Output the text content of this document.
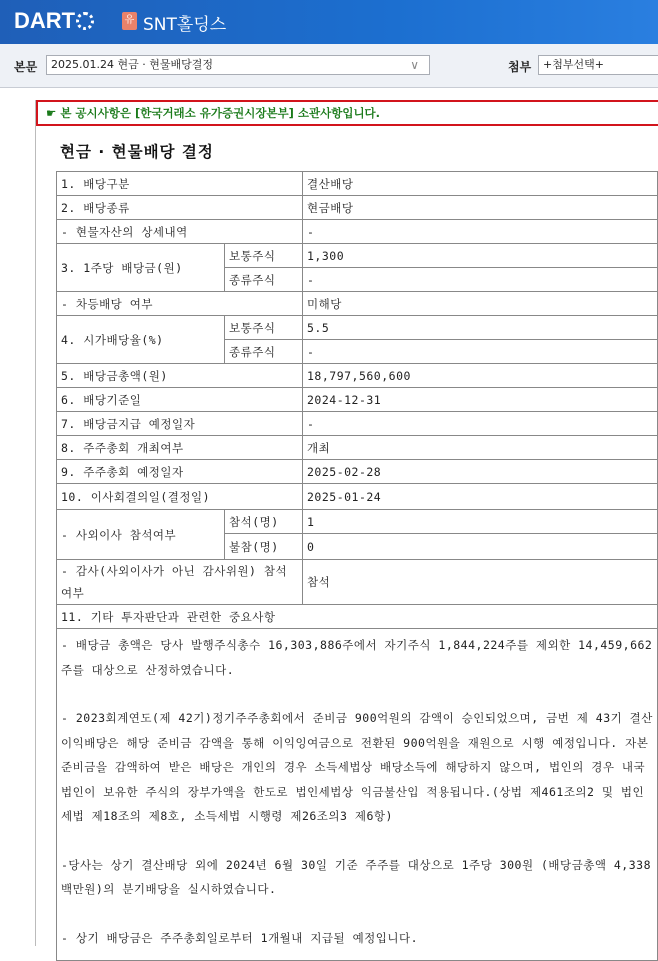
DART	유 SNT홀딩스
본문	2025.01.24 현금 · 현물배당결정	∨	첨부	+첨부선택+
☛ 본 공시사항은 [한국거래소 유가증권시장본부] 소관사항입니다.
현금 · 현물배당 결정
1. 배당구분		결산배당
2. 배당종류		현금배당
- 현물자산의 상세내역		-
3. 1주당 배당금(원)	보통주식	1,300
	종류주식	-
- 차등배당 여부		미해당
4. 시가배당율(%)	보통주식	5.5
	종류주식	-
5. 배당금총액(원)		18,797,560,600
6. 배당기준일		2024-12-31
7. 배당금지급 예정일자		-
8. 주주총회 개최여부		개최
9. 주주총회 예정일자		2025-02-28
10. 이사회결의일(결정일)		2025-01-24
- 사외이사 참석여부	참석(명)	1
	불참(명)	0
- 감사(사외이사가 아닌 감사위원) 참석여부		참석
11. 기타 투자판단과 관련한 중요사항		

- 배당금 총액은 당사 발행주식총수 16,303,886주에서 자기주식 1,844,224주를 제외한 14,459,662주를 대상으로 산정하였습니다.
- 2023회계연도(제 42기)정기주주총회에서 준비금 900억원의 감액이 승인되었으며, 금번 제 43기 결산 이익배당은 해당 준비금 감액을 통해 이익잉여금으로 전환된 900억원을 재원으로 시행 예정입니다. 자본준비금을 감액하여 받은 배당은 개인의 경우 소득세법상 배당소득에 해당하지 않으며, 법인의 경우 내국법인이 보유한 주식의 장부가액을 한도로 법인세법상 익금불산입 적용됩니다.(상법 제461조의2 및 법인세법 제18조의 제8호, 소득세법 시행령 제26조의3 제6항)
-당사는 상기 결산배당 외에 2024년 6월 30일 기준 주주를 대상으로 1주당 300원 (배당금총액 4,338백만원)의 분기배당을 실시하였습니다.
- 상기 배당금은 주주총회일로부터 1개월내 지급될 예정입니다.		
